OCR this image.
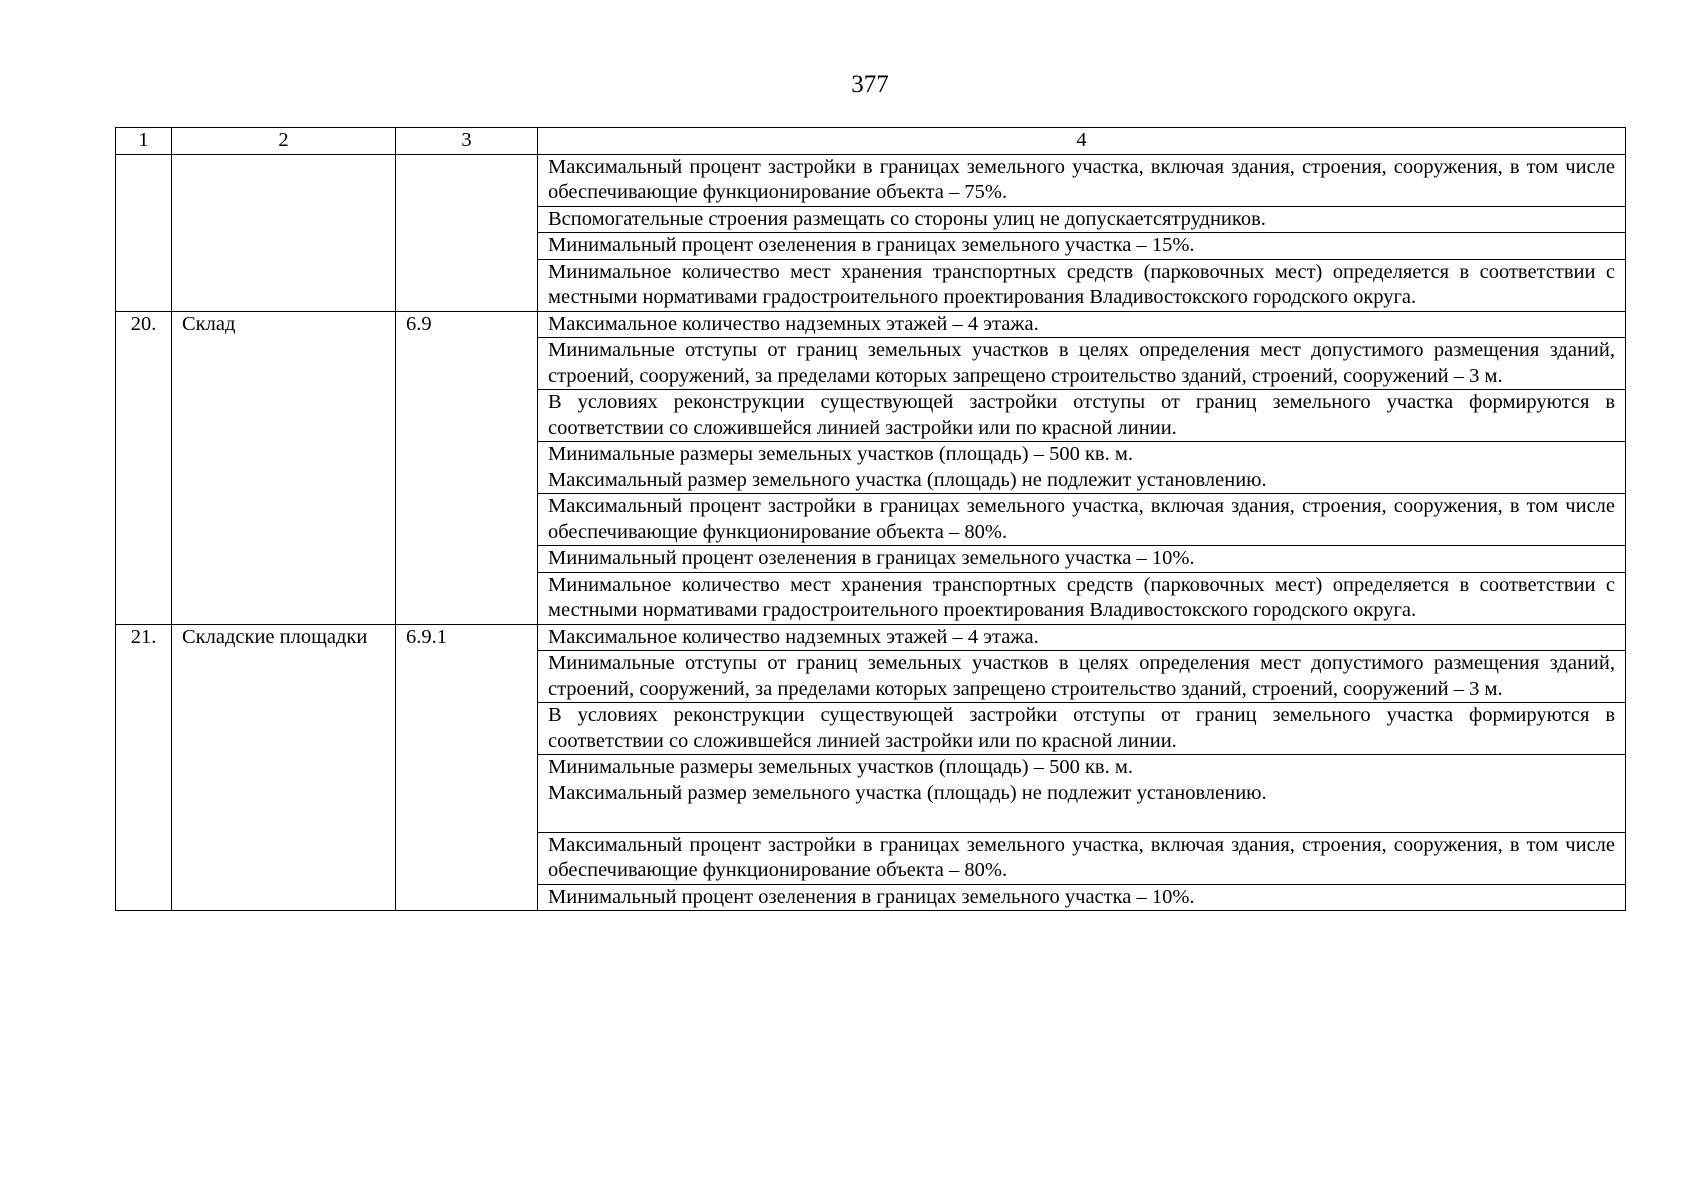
377
1	2	3	4
			Максимальный процент застройки в границах земельного участка, включая здания, строения, сооружения, в том числе обеспечивающие функционирование объекта – 75%.
			Вспомогательные строения размещать со стороны улиц не допускаетсятрудников.
			Минимальный процент озеленения в границах земельного участка – 15%.
			Минимальное количество мест хранения транспортных средств (парковочных мест) определяется в соответствии с местными нормативами градостроительного проектирования Владивостокского городского округа.
20.	Склад	6.9	Максимальное количество надземных этажей – 4 этажа.
			Минимальные отступы от границ земельных участков в целях определения мест допустимого размещения зданий, строений, сооружений, за пределами которых запрещено строительство зданий, строений, сооружений – 3 м.
			В условиях реконструкции существующей застройки отступы от границ земельного участка формируются в соответствии со сложившейся линией застройки или по красной линии.

			Минимальные размеры земельных участков (площадь) – 500 кв. м.
Максимальный размер земельного участка (площадь) не подлежит установлению.

			Максимальный процент застройки в границах земельного участка, включая здания, строения, сооружения, в том числе обеспечивающие функционирование объекта – 80%.
			Минимальный процент озеленения в границах земельного участка – 10%.
			Минимальное количество мест хранения транспортных средств (парковочных мест) определяется в соответствии с местными нормативами градостроительного проектирования Владивостокского городского округа.
21.	Складские площадки	6.9.1	Максимальное количество надземных этажей – 4 этажа.
			Минимальные отступы от границ земельных участков в целях определения мест допустимого размещения зданий, строений, сооружений, за пределами которых запрещено строительство зданий, строений, сооружений – 3 м.
			В условиях реконструкции существующей застройки отступы от границ земельного участка формируются в соответствии со сложившейся линией застройки или по красной линии.

			Минимальные размеры земельных участков (площадь) – 500 кв. м.
Максимальный размер земельного участка (площадь) не подлежит установлению.

			Максимальный процент застройки в границах земельного участка, включая здания, строения, сооружения, в том числе обеспечивающие функционирование объекта – 80%.
			Минимальный процент озеленения в границах земельного участка – 10%.
